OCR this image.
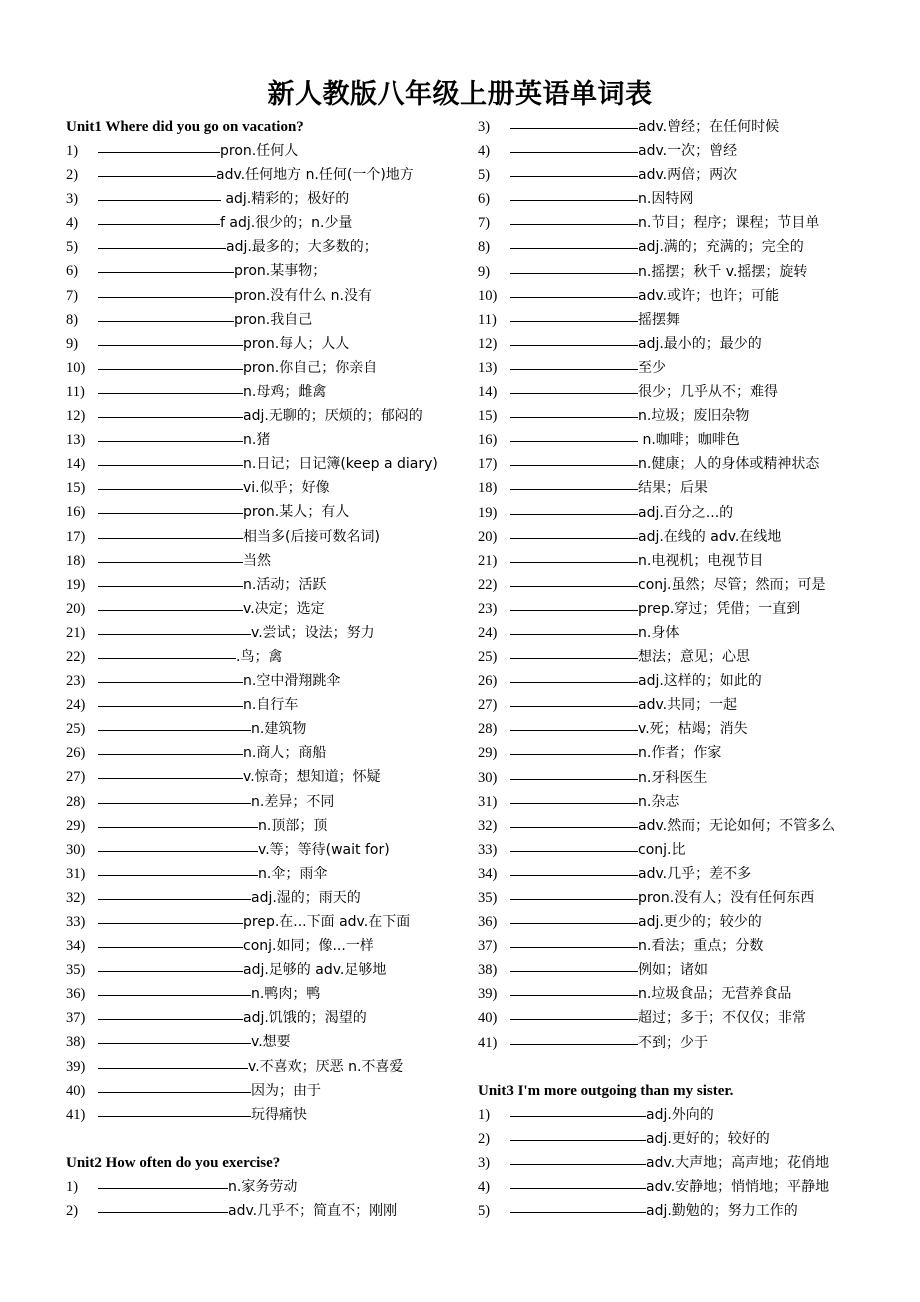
新人教版八年级上册英语单词表
Unit1 Where did you go on vacation?
1)	pron.任何人
2)	adv.任何地方 n.任何(一个)地方
3)	adj.精彩的；极好的
4)	f adj.很少的；n.少量
5)	adj.最多的；大多数的；
6)	pron.某事物；
7)	pron.没有什么 n.没有
8)	pron.我自己
9)	pron.每人；人人
10)	pron.你自己；你亲自
11)	n.母鸡；雌禽
12)	adj.无聊的；厌烦的；郁闷的
13)	n.猪
14)	n.日记；日记簿(keep a diary)
15)	vi.似乎；好像
16)	pron.某人；有人
17)	相当多(后接可数名词)
18)	当然
19)	n.活动；活跃
20)	v.决定；选定
21)	v.尝试；设法；努力
22)	.鸟；禽
23)	n.空中滑翔跳伞
24)	n.自行车
25)	n.建筑物
26)	n.商人；商船
27)	v.惊奇；想知道；怀疑
28)	n.差异；不同
29)	n.顶部；顶
30)	v.等；等待(wait for)
31)	n.伞；雨伞
32)	adj.湿的；雨天的
33)	prep.在...下面 adv.在下面
34)	conj.如同；像...一样
35)	adj.足够的 adv.足够地
36)	n.鸭肉；鸭
37)	adj.饥饿的；渴望的
38)	v.想要
39)	v.不喜欢；厌恶 n.不喜爱
40)	因为；由于
41)	玩得痛快
Unit2 How often do you exercise?
1)	n.家务劳动
2)	adv.几乎不；简直不；刚刚
3)	adv.曾经；在任何时候
4)	adv.一次；曾经
5)	adv.两倍；两次
6)	n.因特网
7)	n.节目；程序；课程；节目单
8)	adj.满的；充满的；完全的
9)	n.摇摆；秋千 v.摇摆；旋转
10)	adv.或许；也许；可能
11)	摇摆舞
12)	adj.最小的；最少的
13)	至少
14)	很少；几乎从不；难得
15)	n.垃圾；废旧杂物
16)	n.咖啡；咖啡色
17)	n.健康；人的身体或精神状态
18)	结果；后果
19)	adj.百分之...的
20)	adj.在线的 adv.在线地
21)	n.电视机；电视节目
22)	conj.虽然；尽管；然而；可是
23)	prep.穿过；凭借；一直到
24)	n.身体
25)	想法；意见；心思
26)	adj.这样的；如此的
27)	adv.共同；一起
28)	v.死；枯竭；消失
29)	n.作者；作家
30)	n.牙科医生
31)	n.杂志
32)	adv.然而；无论如何；不管多么
33)	conj.比
34)	adv.几乎；差不多
35)	pron.没有人；没有任何东西
36)	adj.更少的；较少的
37)	n.看法；重点；分数
38)	例如；诸如
39)	n.垃圾食品；无营养食品
40)	超过；多于；不仅仅；非常
41)	不到；少于
Unit3 I'm more outgoing than my sister.
1)	adj.外向的
2)	adj.更好的；较好的
3)	adv.大声地；高声地；花俏地
4)	adv.安静地；悄悄地；平静地
5)	adj.勤勉的；努力工作的
